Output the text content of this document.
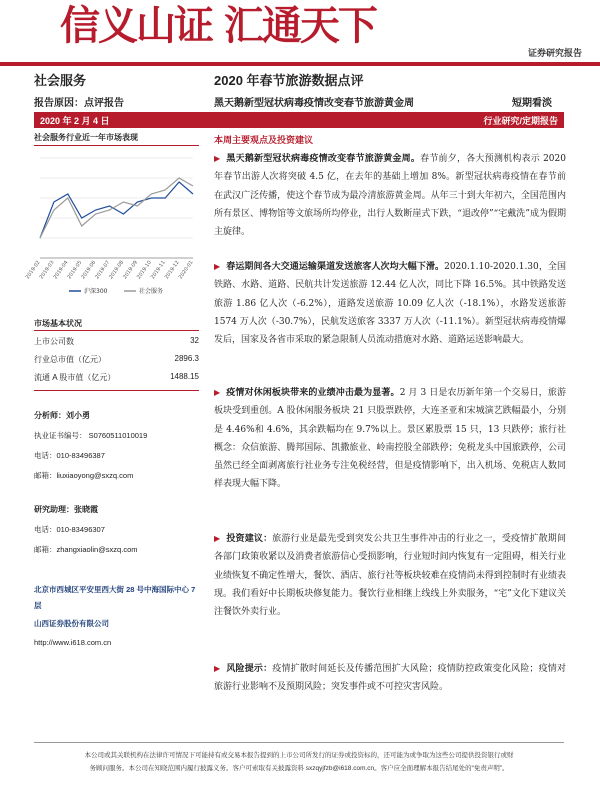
信义山证 汇通天下
证券研究报告
社会服务	2020 年春节旅游数据点评
报告原因：点评报告	黑天鹅新型冠状病毒疫情改变春节旅游黄金周	短期看淡
2020 年 2 月 4 日	行业研究/定期报告
社会服务行业近一年市场表现
2019-02
2019-03
2019-04
2019-05
2019-06
2019-07
2019-08
2019-09
2019-10
2019-11
2019-12
2020-01
沪深300	社会服务
市场基本状况
上市公司数	32
行业总市值（亿元）	2896.3
流通 A 股市值（亿元）	1488.15
分析师：刘小勇
执业证书编号： S0760511010019
电话：010-83496387
邮箱：liuxiaoyong@sxzq.com
研究助理：张晓霞
电话：010-83496307
邮箱：zhangxiaolin@sxzq.com
北京市西城区平安里西大街 28 号中海国际中心 7 层
山西证券股份有限公司
http://www.i618.com.cn
本周主要观点及投资建议
▶ 黑天鹅新型冠状病毒疫情改变春节旅游黄金周。春节前夕，各大预测机构表示 2020 年春节出游人次将突破 4.5 亿，在去年的基础上增加 8%。新型冠状病毒疫情在春节前在武汉广泛传播，使这个春节成为最冷清旅游黄金周。从年三十到大年初六，全国范围内所有景区、博物馆等文旅场所均停业，出行人数断崖式下跌，“退改停”“宅戴洗”成为假期主旋律。
▶ 春运期间各大交通运输渠道发送旅客人次均大幅下滑。2020.1.10-2020.1.30，全国铁路、水路、道路、民航共计发送旅游 12.44 亿人次，同比下降 16.5%。其中铁路发送旅游 1.86 亿人次（-6.2%），道路发送旅游 10.09 亿人次（-18.1%），水路发送旅游 1574 万人次（-30.7%），民航发送旅客 3337 万人次（-11.1%）。新型冠状病毒疫情爆发后，国家及各省市采取的紧急限制人员流动措施对水路、道路运送影响最大。
▶ 疫情对休闲板块带来的业绩冲击最为显著。2 月 3 日是农历新年第一个交易日，旅游板块受到重创。A 股休闲服务板块 21 只股票跌停，大连圣亚和宋城演艺跌幅最小，分别是 4.46%和 4.6%，其余跌幅均在 9.7%以上。景区累股票 15 只，13 只跌停；旅行社概念：众信旅游、腾邦国际、凯撒旅业、岭南控股全部跌停；免税龙头中国旅跌停，公司虽然已经全面剥离旅行社业务专注免税经营，但是疫情影响下，出入机场、免税店人数同样表现大幅下降。
▶ 投资建议：旅游行业是最先受到突发公共卫生事件冲击的行业之一，受疫情扩散期间各部门政策收紧以及消费者旅游信心受损影响，行业短时间内恢复有一定阻碍，相关行业业绩恢复不确定性增大，餐饮、酒店、旅行社等板块较难在疫情尚未得到控制时有业绩表现。我们看好中长期板块修复能力。餐饮行业相继上线线上外卖服务，“宅”文化下建议关注餐饮外卖行业。
▶ 风险提示：疫情扩散时间延长及传播范围扩大风险；疫情防控政策变化风险；疫情对旅游行业影响不及预期风险；突发事件或不可控灾害风险。
本公司或其关联机构在法律许可情况下可能持有或交易本报告提到的上市公司所发行的证券或投资标的，还可能为或争取为这些公司提供投资银行或财
务顾问服务。本公司在知晓范围内履行披露义务。客户可索取有关披露资料 sxzqyjfzb@i618.com.cn。客户应全面理解本报告结尾处的“免责声明”。
